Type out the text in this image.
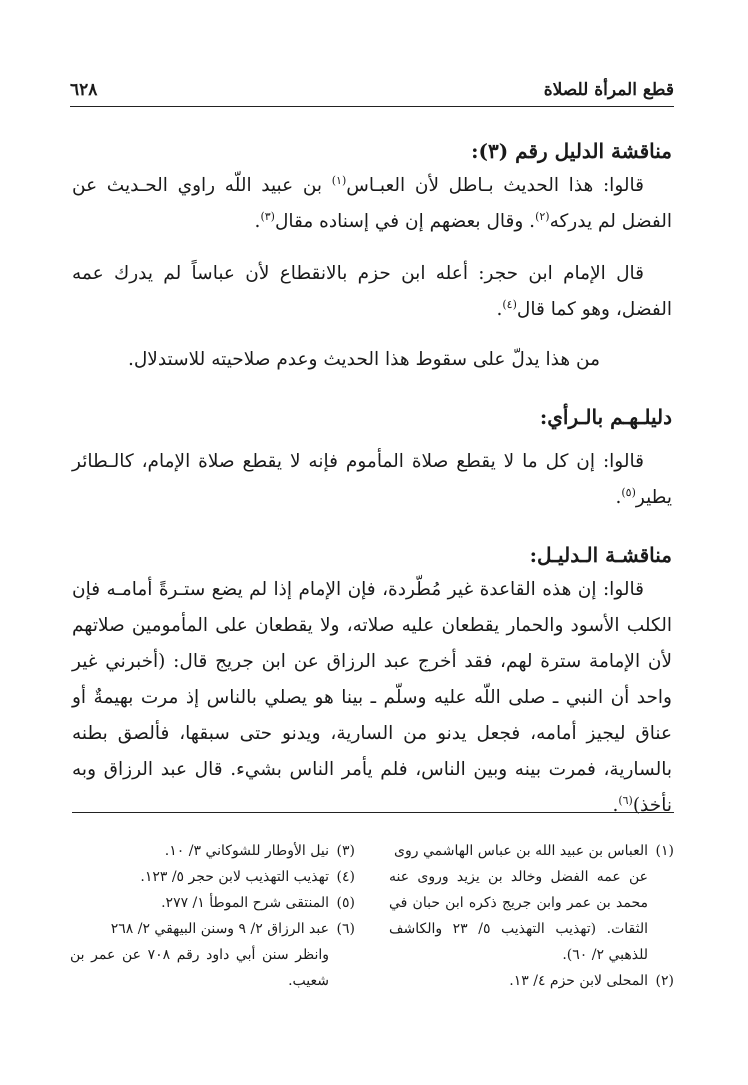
قطع المرأة للصلاة
٦٢٨
مناقشة الدليل رقم (٣):

قالوا: هذا الحديث بـاطل لأن العبـاس$^{(١)}$ بن عبيد اللّه راوي الحـديث عن الفضل لم يدركه$^{(٢)}$. وقال بعضهم إن في إسناده مقال$^{(٣)}$.

قال الإمام ابن حجر: أعله ابن حزم بالانقطاع لأن عباساً لم يدرك عمه الفضل، وهو كما قال$^{(٤)}$.

من هذا يدلّ على سقوط هذا الحديث وعدم صلاحيته للاستدلال.

دليلـهـم بالـرأي:

قالوا: إن كل ما لا يقطع صلاة المأموم فإنه لا يقطع صلاة الإمام، كالـطائر يطير$^{(٥)}$.

مناقشـة الـدليـل:

قالوا: إن هذه القاعدة غير مُطّردة، فإن الإمام إذا لم يضع ستـرةً أمامـه فإن الكلب الأسود والحمار يقطعان عليه صلاته، ولا يقطعان على المأمومين صلاتهم لأن الإمامة سترة لهم، فقد أخرج عبد الرزاق عن ابن جريج قال: (أخبرني غير واحد أن النبي ـ صلى اللّه عليه وسلّم ـ بينا هو يصلي بالناس إذ مرت بهيمةٌ أو عناق ليجيز أمامه، فجعل يدنو من السارية، ويدنو حتى سبقها، فألصق بطنه بالسارية، فمرت بينه وبين الناس، فلم يأمر الناس بشيء. قال عبد الرزاق وبه نأخذ)$^{(٦)}$.

(١)العباس بن عبيد الله بن عباس الهاشمي روى

عن عمه الفضل وخالد بن يزيد وروى عنه محمد بن عمر وابن جريج ذكره ابن حبان في الثقات. (تهذيب التهذيب ٥/ ٢٣ والكاشف للذهبي ٢/ ٦٠).

(٢)المحلى لابن حزم ٤/ ١٣.

(٣)نيل الأوطار للشوكاني ٣/ ١٠.

(٤)تهذيب التهذيب لابن حجر ٥/ ١٢٣.

(٥)المنتقى شرح الموطأ ١/ ٢٧٧.

(٦)عبد الرزاق ٢/ ٩ وسنن البيهقي ٢/ ٢٦٨

وانظر سنن أبي داود رقم ٧٠٨ عن عمر بن شعيب.
